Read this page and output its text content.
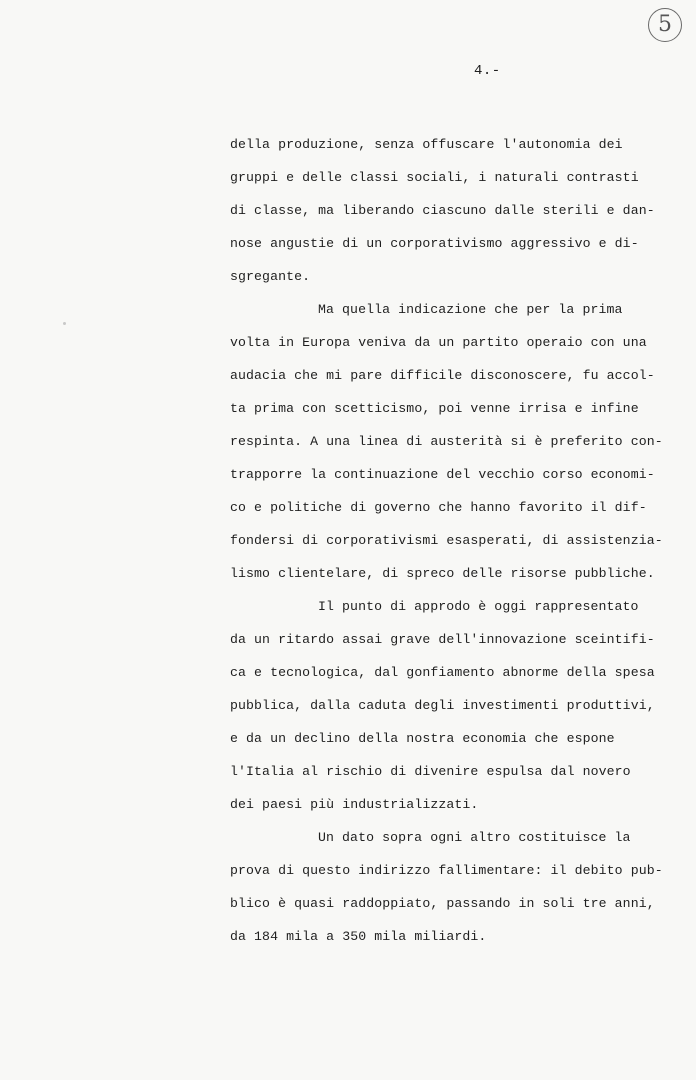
5
4.-
della produzione, senza offuscare l'autonomia dei
gruppi e delle classi sociali, i naturali contrasti
di classe, ma liberando ciascuno dalle sterili e dan-
nose angustie di un corporativismo aggressivo e di-
sgregante.
Ma quella indicazione che per la prima
volta in Europa veniva da un partito operaio con una
audacia che mi pare difficile disconoscere, fu accol-
ta prima con scetticismo, poi venne irrisa e infine
respinta. A una linea di austerità si è preferito con-
trapporre la continuazione del vecchio corso economi-
co e politiche di governo che hanno favorito il dif-
fondersi di corporativismi esasperati, di assistenzia-
lismo clientelare, di spreco delle risorse pubbliche.
Il punto di approdo è oggi rappresentato
da un ritardo assai grave dell'innovazione sceintifi-
ca e tecnologica, dal gonfiamento abnorme della spesa
pubblica, dalla caduta degli investimenti produttivi,
e da un declino della nostra economia che espone
l'Italia al rischio di divenire espulsa dal novero
dei paesi più industrializzati.
Un dato sopra ogni altro costituisce la
prova di questo indirizzo fallimentare: il debito pub-
blico è quasi raddoppiato, passando in soli tre anni,
da 184 mila a 350 mila miliardi.
